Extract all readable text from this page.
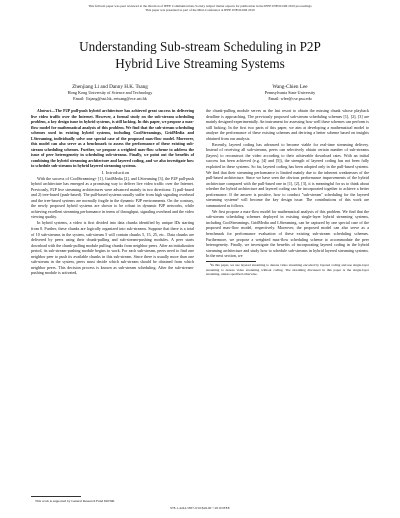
This full text paper was peer reviewed at the direction of IEEE Communications Society subject matter experts for publication in the IEEE INFOCOM 2010 proceedings
This paper was presented as part of the Mini-Conference at IEEE INFOCOM 2010
Understanding Sub-stream Scheduling in P2P
Hybrid Live Streaming Systems
Zhenjiang Li and Danny H.K. Tsang
Hong Kong University of Science and Technology
Email: {lzjang@ust.hk, eetsang@ece.ust.hk
Wang-Chien Lee
Pennsylvania State University
Email: wlee@cse.psu.edu

Abstract—The P2P pull-push hybrid architecture has achieved great success in delivering live video traffic over the Internet. However, a formal study on the sub-stream scheduling problem, a key design issue in hybrid systems, is still lacking. In this paper, we propose a max-flow model for mathematical analysis of this problem. We find that the sub-stream scheduling schemes used in existing hybrid systems, including CoolStreamings, GridMedia and LStreaming, individually solve one special case of the proposed max-flow model. Moreover, this model can also serve as a benchmark to assess the performance of these existing sub-stream scheduling schemes. Further, we propose a weighted max-flow scheme to address the issue of peer heterogeneity in scheduling sub-streams. Finally, we point out the benefits of combining the hybrid streaming architecture and layered coding, and we also investigate how to schedule sub-streams in hybrid layered streaming systems.

I. Introduction

With the success of CoolStreaming+ [1], GridMedia [2], and LStreaming [3], the P2P pull-push hybrid architecture has emerged as a promising way to deliver live video traffic over the Internet. Previously, P2P live streaming architectures were advanced mainly in two directions: 1) pull-based and 2) tree-based (push-based). The pull-based systems usually suffer from high signaling overhead and the tree-based systems are normally fragile in the dynamic P2P environments. On the contrary, the newly proposed hybrid systems are shown to be robust in dynamic P2P networks, while achieving excellent streaming performance in terms of throughput, signaling overhead and the video viewing quality.

In hybrid systems, a video is first divided into data chunks identified by unique IDs starting from 0. Further, these chunks are logically organized into sub-streams. Suppose that there is a total of 10 sub-streams in the system, sub-stream 5 will contain chunks 5, 15, 25, etc.. Data chunks are delivered by peers using their chunk-pulling and sub-stream-pushing modules. A peer starts download with the chunk-pulling module pulling chunks from neighbor peers. After an initialization period, its sub-stream-pushing module begins to work. For each sub-stream, peers need to find one neighbor peer to push its available chunks in this sub-stream. Since there is usually more than one sub-stream in the system, peers must decide which sub-stream should be obtained from which neighbor peers. This decision process is known as sub-stream scheduling. After the sub-stream-pushing module is activated,

This work is supported by General Research Fund 620306.

the chunk-pulling module serves as the last resort to obtain the missing chunk whose playback deadline is approaching. The previously proposed sub-stream scheduling schemes [1], [2], [3] are mainly designed experimentally. An instrument for assessing how well these schemes can perform is still lacking. In the first two parts of this paper, we aim at developing a mathematical model to analyze the performance of these existing schemes and deriving a better scheme based on insights obtained from our analysis.

Recently, layered coding has advanced to become viable for real-time streaming delivery. Instead of receiving all sub-streams, peers can selectively obtain certain number of sub-streams (layers) to reconstruct the video according to their achievable download rates. With an initial success has been achieved (e.g. [4] and [5]), the strength of layered coding has not been fully exploited in these systems. So far, layered coding has been adopted only in the pull-based systems. We find that their streaming performance is limited mainly due to the inherent weaknesses of the pull-based architecture. Since we have seen the obvious performance improvements of the hybrid architecture compared with the pull-based one in [1], [2], [3], it is meaningful for us to think about whether the hybrid architecture and layered coding can be incorporated together to achieve a better performance. If the answer is positive, how to conduct "sub-stream" scheduling for the layered streaming systems¹ will become the key design issue. The contributions of this work are summarized as follows.

We first propose a max-flow model for mathematical analysis of this problem. We find that the sub-stream scheduling schemes deployed in existing single-layer hybrid streaming systems, including CoolStreamings, GridMedia and LStreaming, can be captured by one special case of the proposed max-flow model, respectively. Moreover, the proposed model can also serve as a benchmark for performance evaluation of these existing sub-stream scheduling schemes. Furthermore, we propose a weighted max-flow scheduling scheme to accommodate the peer heterogeneity. Finally, we investigate the benefits of incorporating layered coding in the hybrid streaming architecture and study how to schedule sub-streams in hybrid layered streaming systems. In the next section, we

¹In this paper, we use layered streaming to denote video streaming encoded by layered coding and use single-layer streaming to denote video streaming without coding. The streaming discussed in this paper is the single-layer streaming, unless specified otherwise.
978-1-4244-5837-0/10/$26.00 ©2010 IEEE
